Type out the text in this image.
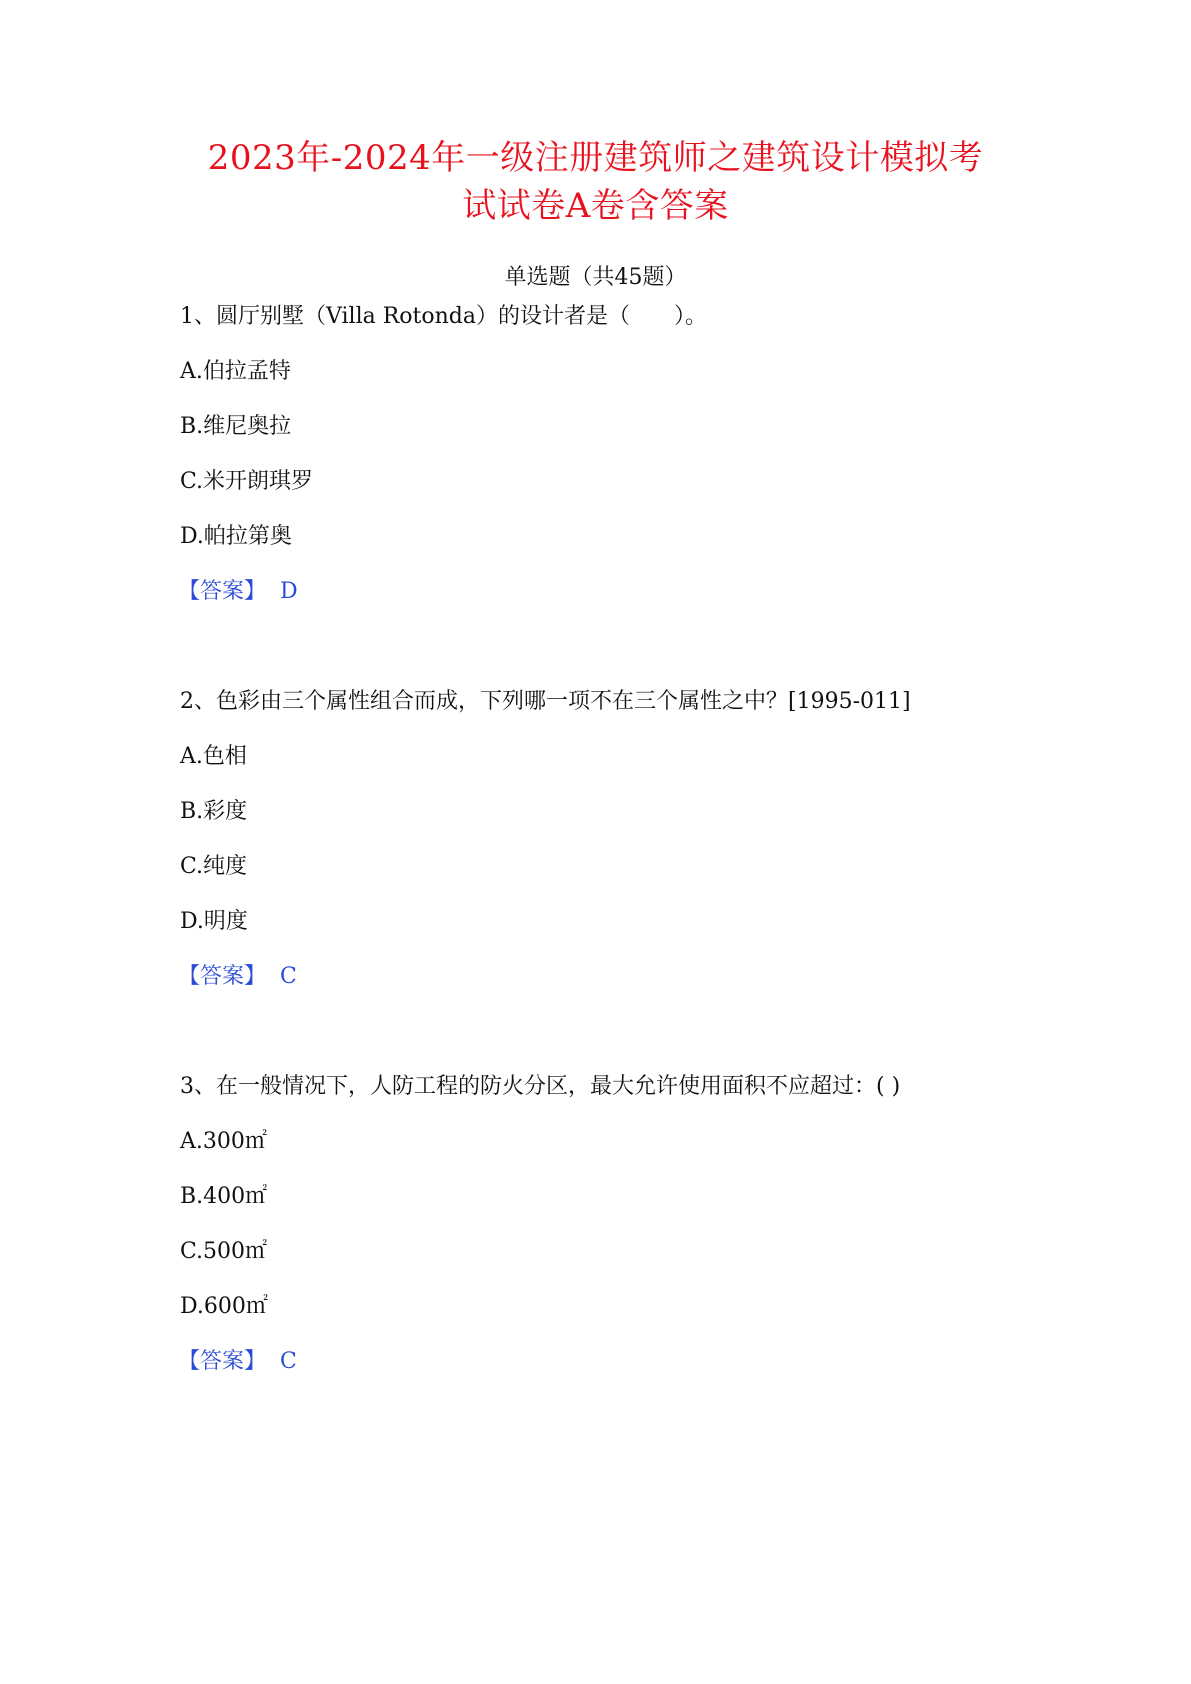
2023年-2024年一级注册建筑师之建筑设计模拟考
试试卷A卷含答案
单选题（共45题）
1、圆厅别墅（Villa Rotonda）的设计者是（　　）。
A.伯拉孟特
B.维尼奥拉
C.米开朗琪罗
D.帕拉第奥
【答案】 D
2、色彩由三个属性组合而成，下列哪一项不在三个属性之中？[1995-011]
A.色相
B.彩度
C.纯度
D.明度
【答案】 C
3、在一般情况下，人防工程的防火分区，最大允许使用面积不应超过：( )
A.300㎡
B.400㎡
C.500㎡
D.600㎡
【答案】 C
